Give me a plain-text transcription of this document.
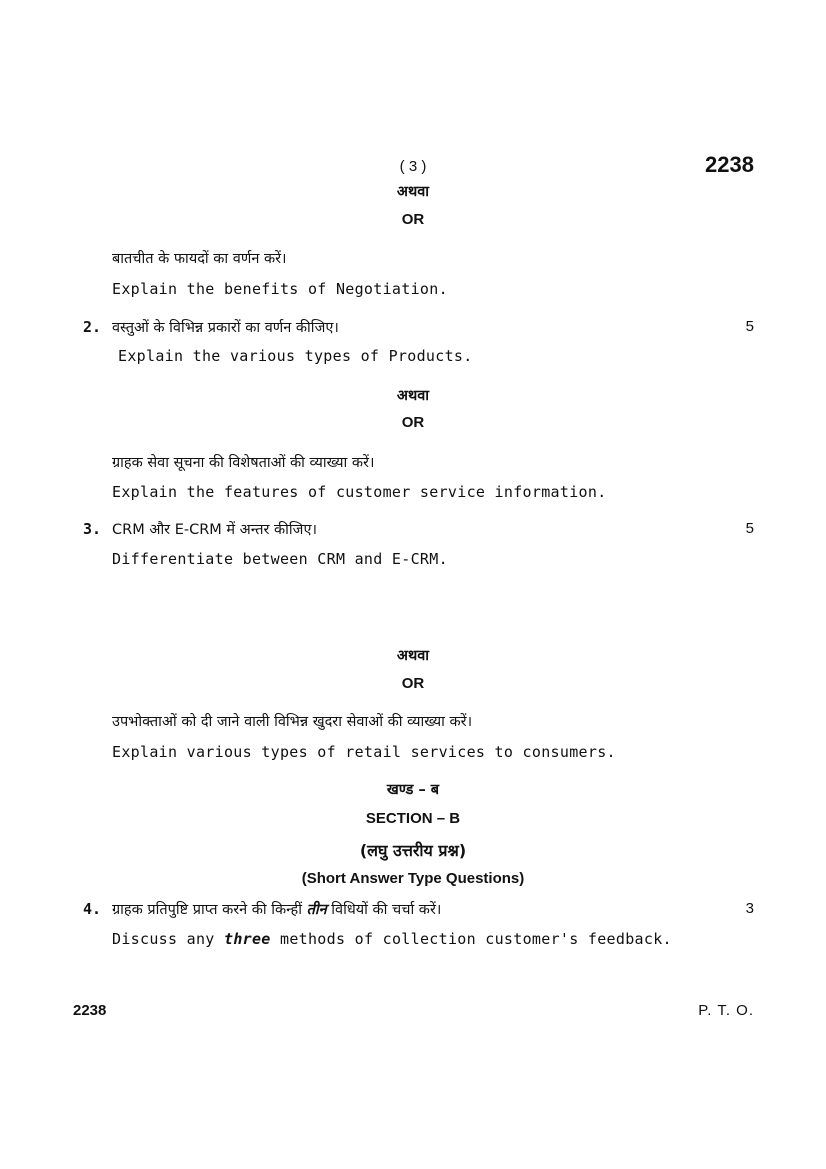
( 3 )	2238
अथवा
OR
बातचीत के फायदों का वर्णन करें।
Explain the benefits of Negotiation.
2. वस्तुओं के विभिन्न प्रकारों का वर्णन कीजिए।	5
Explain the various types of Products.
अथवा
OR
ग्राहक सेवा सूचना की विशेषताओं की व्याख्या करें।
Explain the features of customer service information.
3. CRM और E-CRM में अन्तर कीजिए।	5
Differentiate between CRM and E-CRM.
अथवा
OR
उपभोक्ताओं को दी जाने वाली विभिन्न खुदरा सेवाओं की व्याख्या करें।
Explain various types of retail services to consumers.
खण्ड – ब
SECTION – B
(लघु उत्तरीय प्रश्न)
(Short Answer Type Questions)
4. ग्राहक प्रतिपुष्टि प्राप्त करने की किन्हीं तीन विधियों की चर्चा करें।	3
Discuss any three methods of collection customer's feedback.
2238	P. T. O.
